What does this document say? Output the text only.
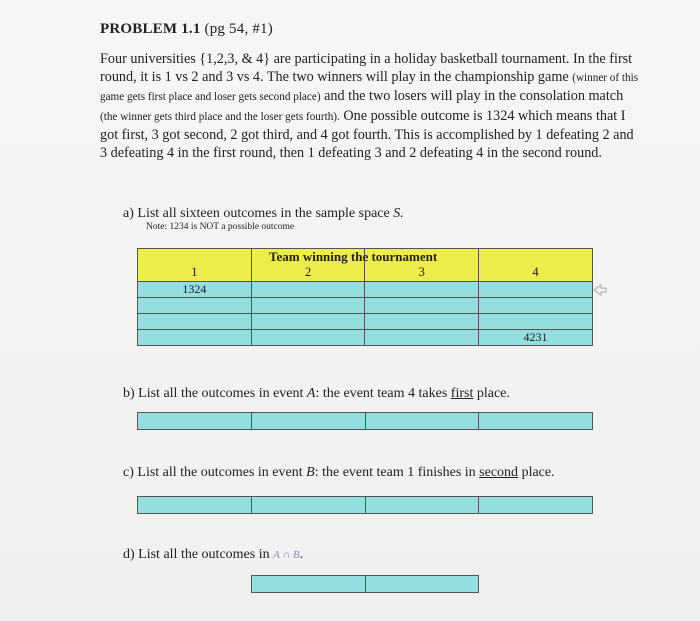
PROBLEM 1.1 (pg 54, #1)
Four universities {1,2,3, & 4} are participating in a holiday basketball tournament. In the first round, it is 1 vs 2 and 3 vs 4. The two winners will play in the championship game (winner of this game gets first place and loser gets second place) and the two losers will play in the consolation match (the winner gets third place and the loser gets fourth). One possible outcome is 1324 which means that I got first, 3 got second, 2 got third, and 4 got fourth. This is accomplished by 1 defeating 2 and 3 defeating 4 in the first round, then 1 defeating 3 and 2 defeating 4 in the second round.
a) List all sixteen outcomes in the sample space S.
Note: 1234 is NOT a possible outcome
1	2	3	4
1324			

			4231
Team winning the tournament
b) List all the outcomes in event A: the event team 4 takes first place.

c) List all the outcomes in event B: the event team 1 finishes in second place.

d) List all the outcomes in A ∩ B.
